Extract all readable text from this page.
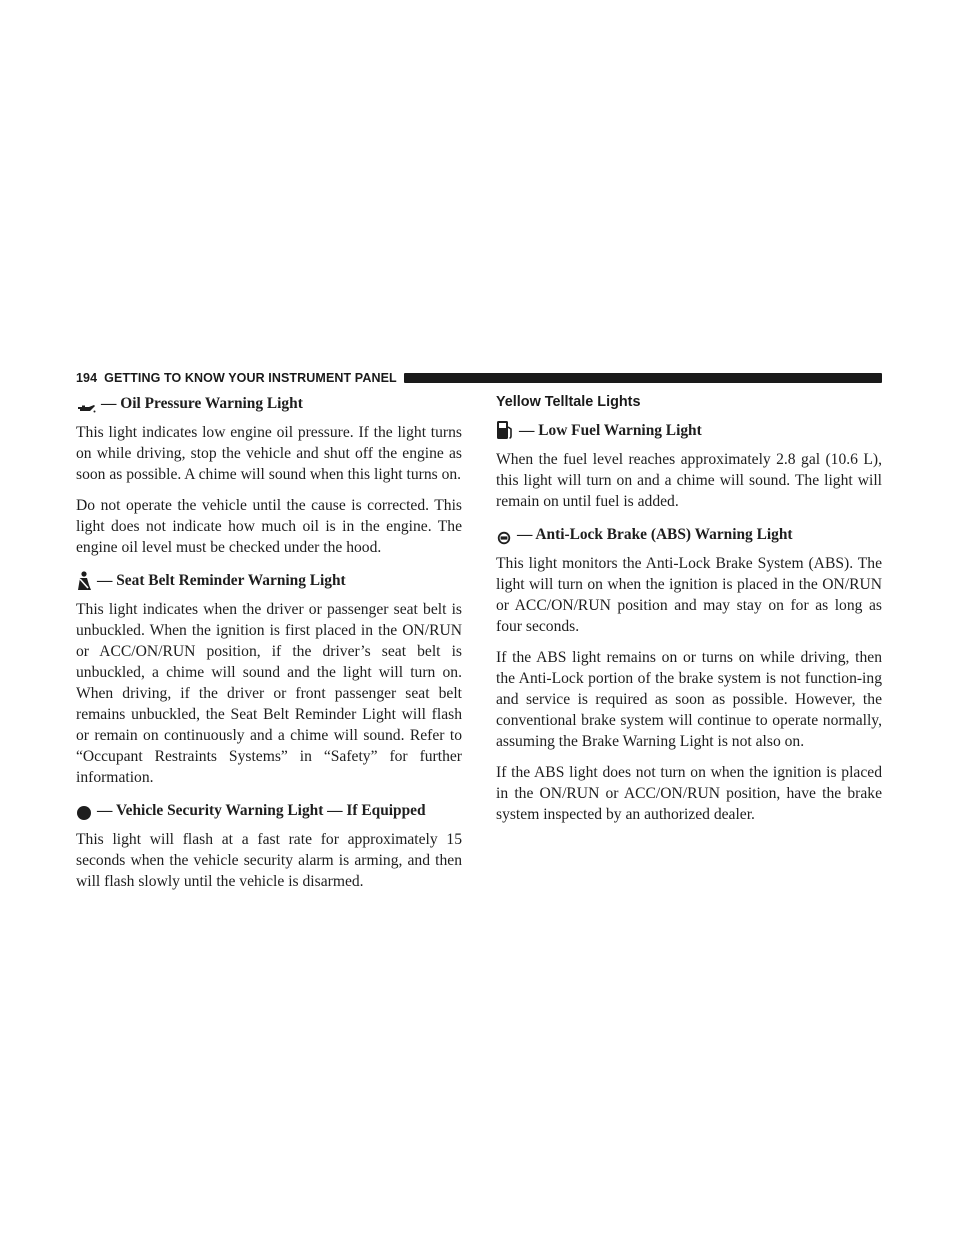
194 GETTING TO KNOW YOUR INSTRUMENT PANEL
— Oil Pressure Warning Light

This light indicates low engine oil pressure. If the light turns on while driving, stop the vehicle and shut off the engine as soon as possible. A chime will sound when this light turns on.

Do not operate the vehicle until the cause is corrected. This light does not indicate how much oil is in the engine. The engine oil level must be checked under the hood.

— Seat Belt Reminder Warning Light

This light indicates when the driver or passenger seat belt is unbuckled. When the ignition is first placed in the ON/RUN or ACC/ON/RUN position, if the driver’s seat belt is unbuckled, a chime will sound and the light will turn on. When driving, if the driver or front passenger seat belt remains unbuckled, the Seat Belt Reminder Light will flash or remain on continuously and a chime will sound. Refer to “Occupant Restraints Systems” in “Safety” for further information.

— Vehicle Security Warning Light — If Equipped

This light will flash at a fast rate for approximately 15 seconds when the vehicle security alarm is arming, and then will flash slowly until the vehicle is disarmed.

Yellow Telltale Lights
— Low Fuel Warning Light

When the fuel level reaches approximately 2.8 gal (10.6 L), this light will turn on and a chime will sound. The light will remain on until fuel is added.

— Anti-Lock Brake (ABS) Warning Light

This light monitors the Anti-Lock Brake System (ABS). The light will turn on when the ignition is placed in the ON/RUN or ACC/ON/RUN position and may stay on for as long as four seconds.

If the ABS light remains on or turns on while driving, then the Anti-Lock portion of the brake system is not function-ing and service is required as soon as possible. However, the conventional brake system will continue to operate normally, assuming the Brake Warning Light is not also on.

If the ABS light does not turn on when the ignition is placed in the ON/RUN or ACC/ON/RUN position, have the brake system inspected by an authorized dealer.
